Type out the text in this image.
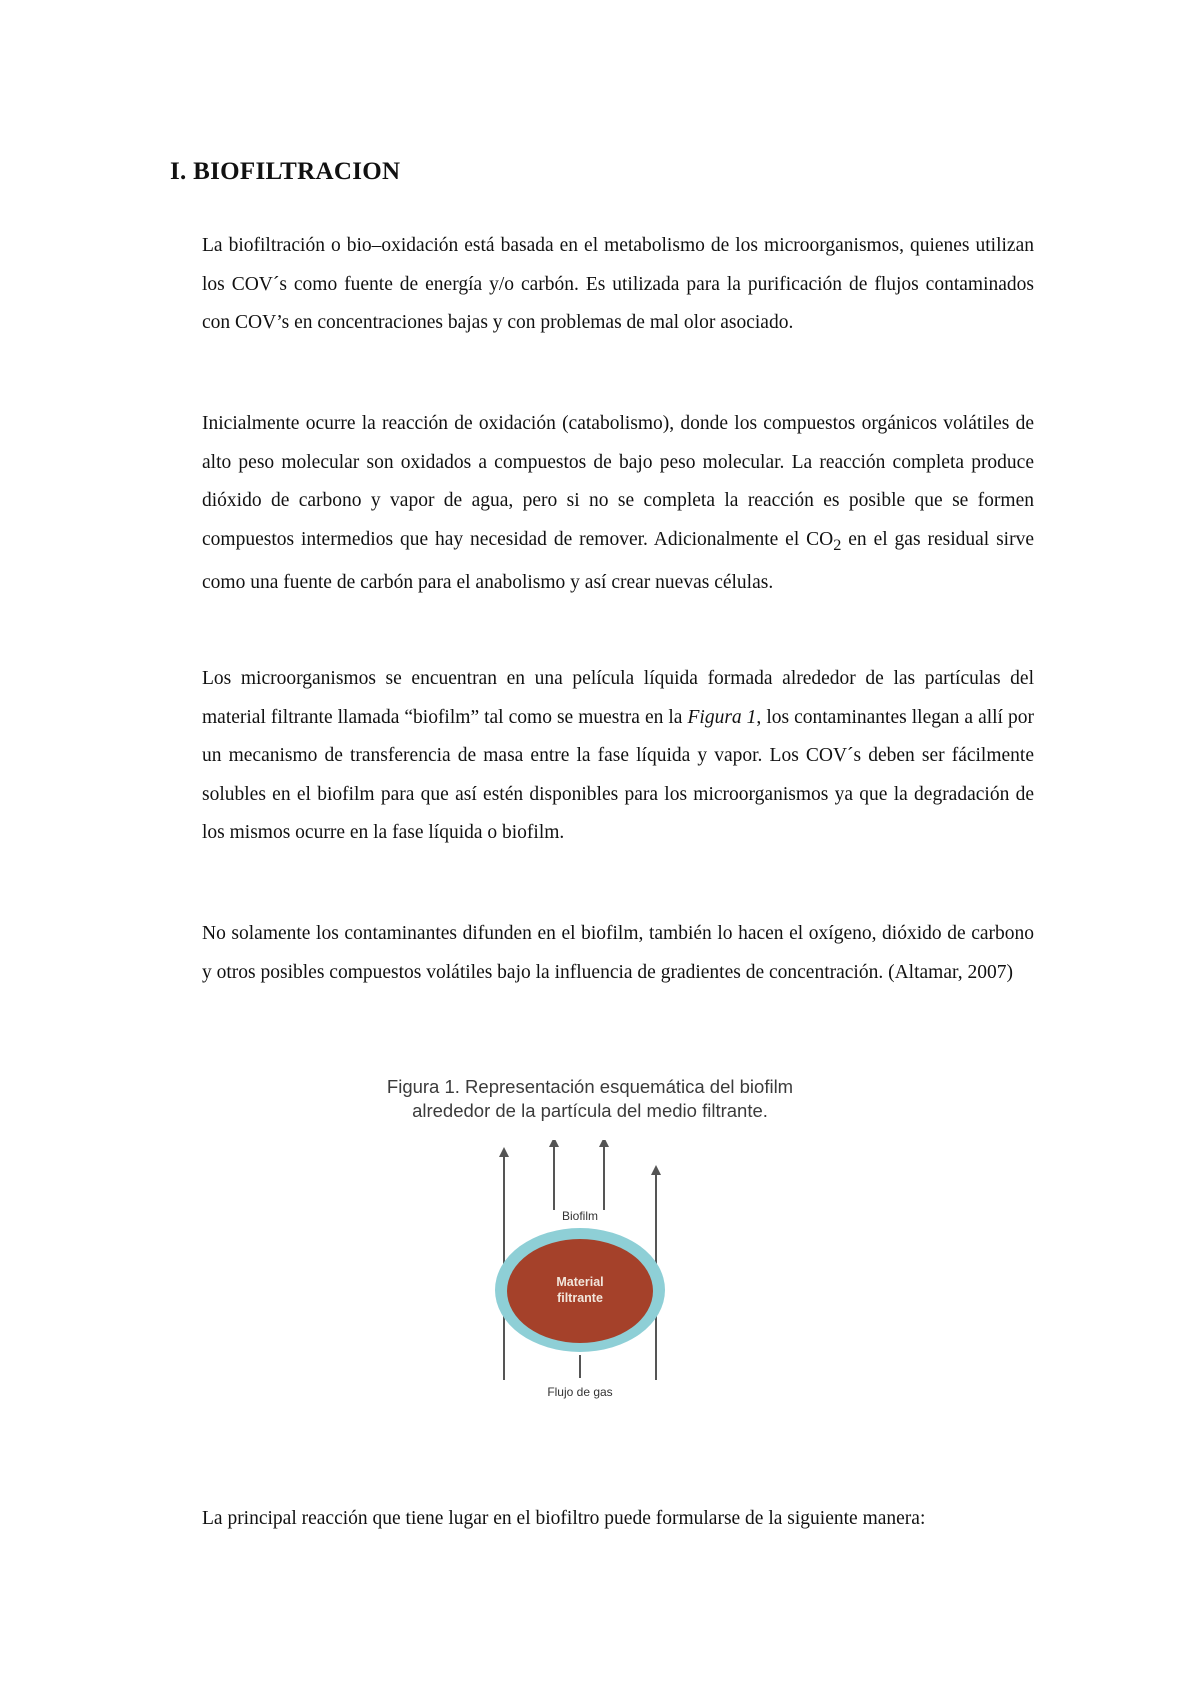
I. BIOFILTRACION

La biofiltración o bio–oxidación está basada en el metabolismo de los microorganismos, quienes utilizan los COV´s como fuente de energía y/o carbón. Es utilizada para la purificación de flujos contaminados con COV’s en concentraciones bajas y con problemas de mal olor asociado.

Inicialmente ocurre la reacción de oxidación (catabolismo), donde los compuestos orgánicos volátiles de alto peso molecular son oxidados a compuestos de bajo peso molecular. La reacción completa produce dióxido de carbono y vapor de agua, pero si no se completa la reacción es posible que se formen compuestos intermedios que hay necesidad de remover. Adicionalmente el $CO_2$ en el gas residual sirve como una fuente de carbón para el anabolismo y así crear nuevas células.

Los microorganismos se encuentran en una película líquida formada alrededor de las partículas del material filtrante llamada “biofilm” tal como se muestra en la Figura 1, los contaminantes llegan a allí por un mecanismo de transferencia de masa entre la fase líquida y vapor. Los COV´s deben ser fácilmente solubles en el biofilm para que así estén disponibles para los microorganismos ya que la degradación de los mismos ocurre en la fase líquida o biofilm.

No solamente los contaminantes difunden en el biofilm, también lo hacen el oxígeno, dióxido de carbono y otros posibles compuestos volátiles bajo la influencia de gradientes de concentración. (Altamar, 2007)

Figura 1. Representación esquemática del biofilm
alrededor de la partícula del medio filtrante.
Biofilm
Material
filtrante
Flujo de gas

La principal reacción que tiene lugar en el biofiltro puede formularse de la siguiente manera:
